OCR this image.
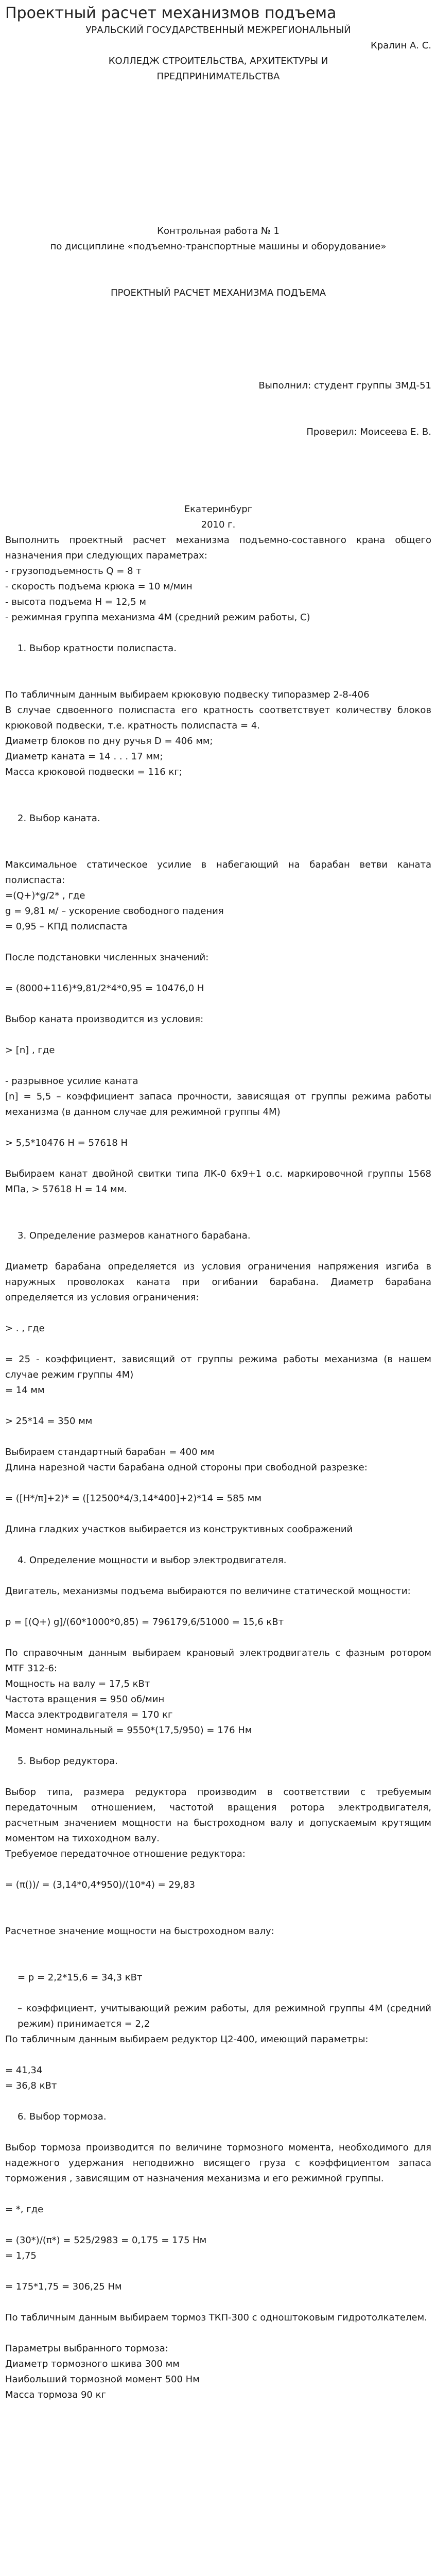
Проектный расчет механизмов подъема

УРАЛЬСКИЙ ГОСУДАРСТВЕННЫЙ МЕЖРЕГИОНАЛЬНЫЙ

Кралин А. С.

КОЛЛЕДЖ СТРОИТЕЛЬСТВА, АРХИТЕКТУРЫ И

ПРЕДПРИНИМАТЕЛЬСТВА

Контрольная работа № 1

по дисциплине «подъемно-транспортные машины и оборудование»

ПРОЕКТНЫЙ РАСЧЕТ МЕХАНИЗМА ПОДЪЕМА

Выполнил: студент группы ЗМД-51

Проверил: Моисеева Е. В.

Екатеринбург

2010 г.

Выполнить проектный расчет механизма подъемно-составного крана общего назначения при следующих параметрах:

- грузоподъемность Q = 8 т

- скорость подъема крюка = 10 м/мин

- высота подъема H = 12,5 м

- режимная группа механизма 4М (средний режим работы, С)

1. Выбор кратности полиспаста.

По табличным данным выбираем крюковую подвеску типоразмер 2-8-406

В случае сдвоенного полиспаста его кратность соответствует количеству блоков крюковой подвески, т.е. кратность полиспаста = 4.

Диаметр блоков по дну ручья D = 406 мм;

Диаметр каната = 14 . . . 17 мм;

Масса крюковой подвески = 116 кг;

2. Выбор каната.

Максимальное статическое усилие в набегающий на барабан ветви каната полиспаста:

=(Q+)*g/2* , где

g = 9,81 м/ – ускорение свободного падения

= 0,95 – КПД полиспаста

После подстановки численных значений:

= (8000+116)*9,81/2*4*0,95 = 10476,0 Н

Выбор каната производится из условия:

> [n] , где

- разрывное усилие каната

[n] = 5,5 – коэффициент запаса прочности, зависящая от группы режима работы механизма (в данном случае для режимной группы 4М)

> 5,5*10476 Н = 57618 Н

Выбираем канат двойной свитки типа ЛК-0 6х9+1 о.с. маркировочной группы 1568 МПа, > 57618 Н = 14 мм.

3. Определение размеров канатного барабана.

Диаметр барабана определяется из условия ограничения напряжения изгиба в наружных проволоках каната при огибании барабана. Диаметр барабана определяется из условия ограничения:

> . , где

= 25 - коэффициент, зависящий от группы режима работы механизма (в нашем случае режим группы 4М)

= 14 мм

> 25*14 = 350 мм

Выбираем стандартный барабан = 400 мм

Длина нарезной части барабана одной стороны при свободной разрезке:

= ([H*/π]+2)* = ([12500*4/3,14*400]+2)*14 = 585 мм

Длина гладких участков выбирается из конструктивных соображений

4. Определение мощности и выбор электродвигателя.

Двигатель, механизмы подъема выбираются по величине статической мощности:

p = [(Q+) g]/(60*1000*0,85) = 796179,6/51000 = 15,6 кВт

По справочным данным выбираем крановый электродвигатель с фазным ротором МТF 312-6:

Мощность на валу = 17,5 кВт

Частота вращения = 950 об/мин

Масса электродвигателя = 170 кг

Момент номинальный = 9550*(17,5/950) = 176 Нм

5. Выбор редуктора.

Выбор типа, размера редуктора производим в соответствии с требуемым передаточным отношением, частотой вращения ротора электродвигателя, расчетным значением мощности на быстроходном валу и допускаемым крутящим моментом на тихоходном валу.

Требуемое передаточное отношение редуктора:

= (π())/ = (3,14*0,4*950)/(10*4) = 29,83

Расчетное значение мощности на быстроходном валу:

= p = 2,2*15,6 = 34,3 кВт

– коэффициент, учитывающий режим работы, для режимной группы 4М (средний режим) принимается = 2,2

По табличным данным выбираем редуктор Ц2-400, имеющий параметры:

= 41,34

= 36,8 кВт

6. Выбор тормоза.

Выбор тормоза производится по величине тормозного момента, необходимого для надежного удержания неподвижно висящего груза с коэффициентом запаса торможения , зависящим от назначения механизма и его режимной группы.

= *, где

= (30*)/(π*) = 525/2983 = 0,175 = 175 Нм

= 1,75

= 175*1,75 = 306,25 Нм

По табличным данным выбираем тормоз ТКП-300 с одноштоковым гидротолкателем.

Параметры выбранного тормоза:

Диаметр тормозного шкива 300 мм

Наибольший тормозной момент 500 Нм

Масса тормоза 90 кг
